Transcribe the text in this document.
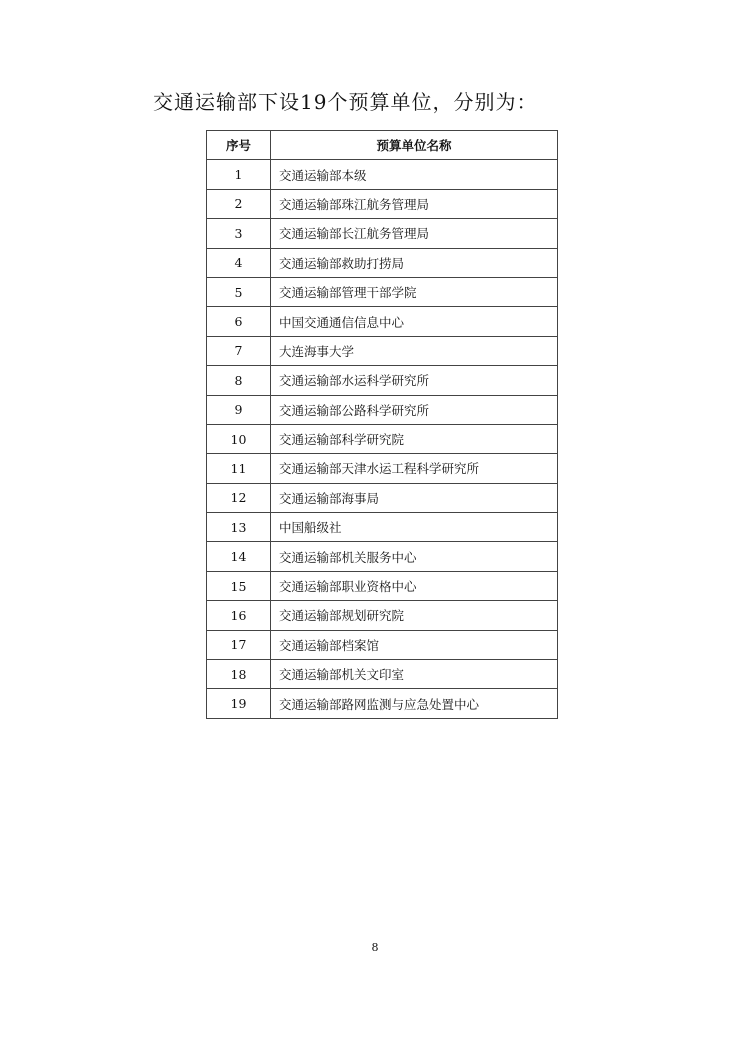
交通运输部下设19个预算单位，分别为：
序号	预算单位名称
1	交通运输部本级
2	交通运输部珠江航务管理局
3	交通运输部长江航务管理局
4	交通运输部救助打捞局
5	交通运输部管理干部学院
6	中国交通通信信息中心
7	大连海事大学
8	交通运输部水运科学研究所
9	交通运输部公路科学研究所
10	交通运输部科学研究院
11	交通运输部天津水运工程科学研究所
12	交通运输部海事局
13	中国船级社
14	交通运输部机关服务中心
15	交通运输部职业资格中心
16	交通运输部规划研究院
17	交通运输部档案馆
18	交通运输部机关文印室
19	交通运输部路网监测与应急处置中心
8
